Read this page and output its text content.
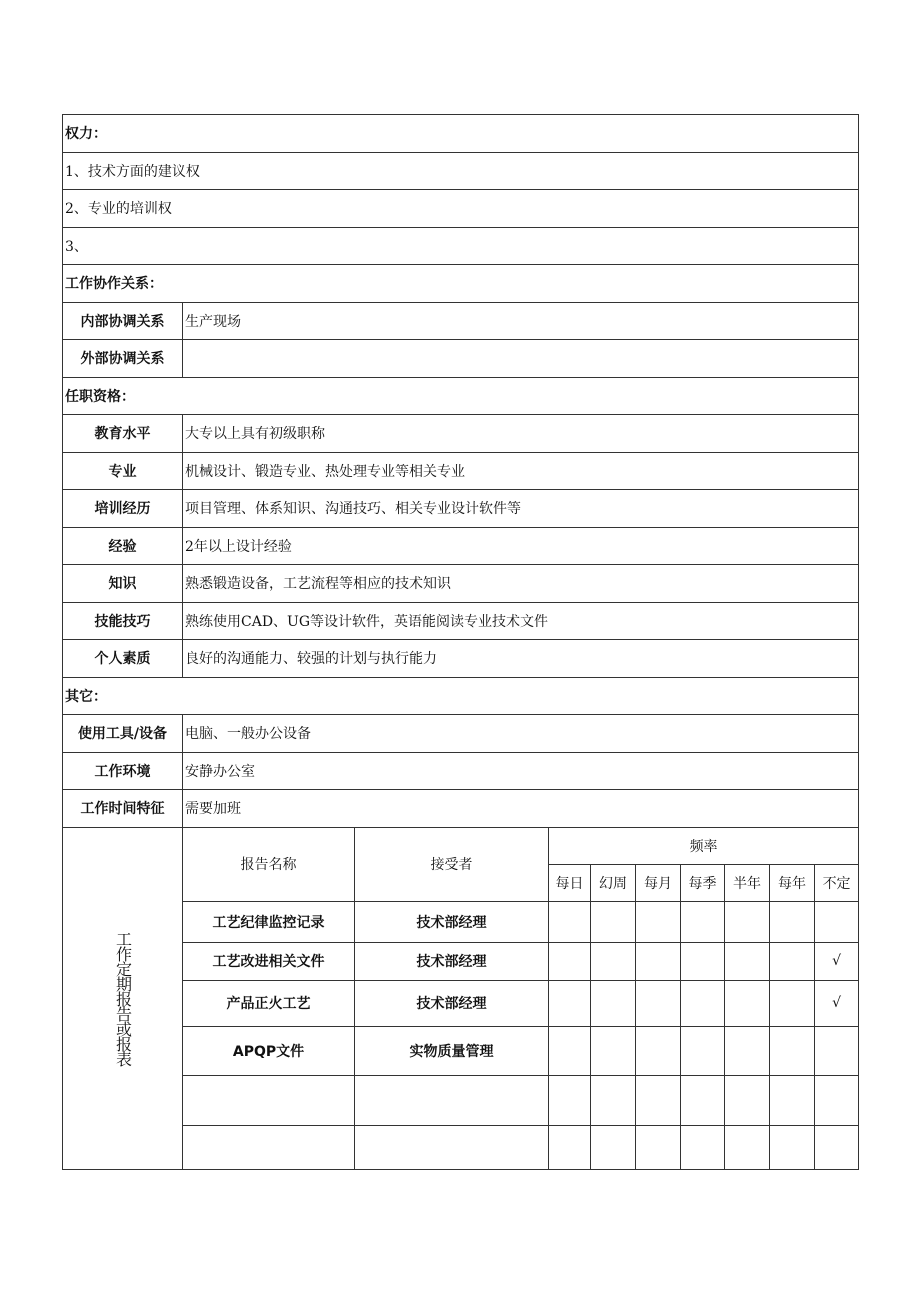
权力：									
1、技术方面的建议权									
2、专业的培训权									
3、									
工作协作关系：									
内部协调关系	生产现场								
外部协调关系									
任职资格：									
教育水平	大专以上具有初级职称								
专业	机械设计、锻造专业、热处理专业等相关专业								
培训经历	项目管理、体系知识、沟通技巧、相关专业设计软件等								
经验	2年以上设计经验								
知识	熟悉锻造设备，工艺流程等相应的技术知识								
技能技巧	熟练使用CAD、UG等设计软件，英语能阅读专业技术文件								
个人素质	良好的沟通能力、较强的计划与执行能力								
其它：									
使用工具/设备	电脑、一般办公设备								
工作环境	安静办公室								
工作时间特征	需要加班								

工作定期报告或报表	报告名称	接受者	频率						
			每日	幻周	每月	每季	半年	每年	不定
	工艺纪律监控记录	技术部经理							
	工艺改进相关文件	技术部经理							√
	产品正火工艺	技术部经理							√
	APQP文件	实物质量管理							
